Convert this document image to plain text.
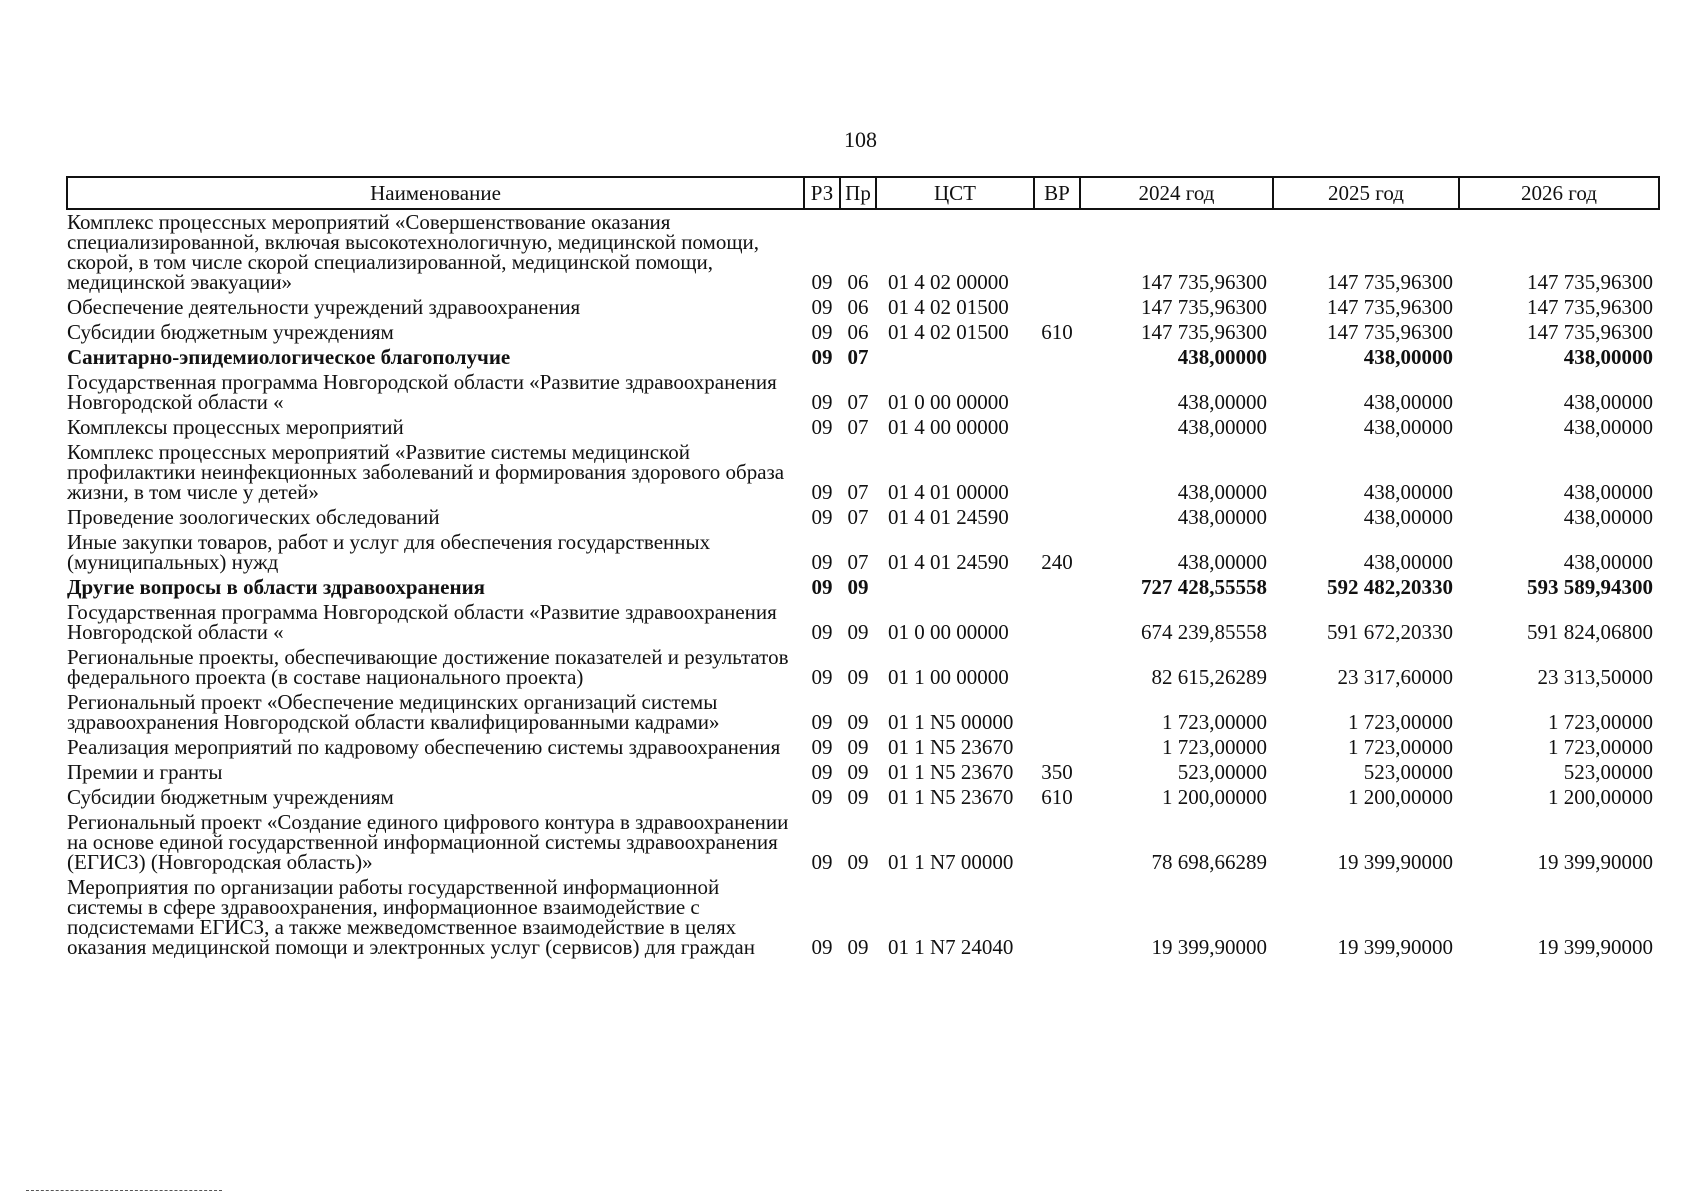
108
Наименование	РЗ	Пр	ЦСТ	ВР	2024 год	2025 год	2026 год
Комплекс процессных мероприятий «Совершенствование оказания специализированной, включая высокотехнологичную, медицинской помощи, скорой, в том числе скорой специализированной, медицинской помощи, медицинской эвакуации»	09	06	01 4 02 00000		147 735,96300	147 735,96300	147 735,96300
Обеспечение деятельности учреждений здравоохранения	09	06	01 4 02 01500		147 735,96300	147 735,96300	147 735,96300
Субсидии бюджетным учреждениям	09	06	01 4 02 01500	610	147 735,96300	147 735,96300	147 735,96300
Санитарно-эпидемиологическое благополучие	09	07			438,00000	438,00000	438,00000
Государственная программа Новгородской области «Развитие здравоохранения Новгородской области «	09	07	01 0 00 00000		438,00000	438,00000	438,00000
Комплексы процессных мероприятий	09	07	01 4 00 00000		438,00000	438,00000	438,00000
Комплекс процессных мероприятий «Развитие системы медицинской профилактики неинфекционных заболеваний и формирования здорового образа жизни, в том числе у детей»	09	07	01 4 01 00000		438,00000	438,00000	438,00000
Проведение зоологических обследований	09	07	01 4 01 24590		438,00000	438,00000	438,00000
Иные закупки товаров, работ и услуг для обеспечения государственных (муниципальных) нужд	09	07	01 4 01 24590	240	438,00000	438,00000	438,00000
Другие вопросы в области здравоохранения	09	09			727 428,55558	592 482,20330	593 589,94300
Государственная программа Новгородской области «Развитие здравоохранения Новгородской области «	09	09	01 0 00 00000		674 239,85558	591 672,20330	591 824,06800
Региональные проекты, обеспечивающие достижение показателей и результатов федерального проекта (в составе национального проекта)	09	09	01 1 00 00000		82 615,26289	23 317,60000	23 313,50000
Региональный проект «Обеспечение медицинских организаций системы здравоохранения Новгородской области квалифицированными кадрами»	09	09	01 1 N5 00000		1 723,00000	1 723,00000	1 723,00000
Реализация мероприятий по кадровому обеспечению системы здравоохранения	09	09	01 1 N5 23670		1 723,00000	1 723,00000	1 723,00000
Премии и гранты	09	09	01 1 N5 23670	350	523,00000	523,00000	523,00000
Субсидии бюджетным учреждениям	09	09	01 1 N5 23670	610	1 200,00000	1 200,00000	1 200,00000
Региональный проект «Создание единого цифрового контура в здравоохранении на основе единой государственной информационной системы здравоохранения (ЕГИСЗ) (Новгородская область)»	09	09	01 1 N7 00000		78 698,66289	19 399,90000	19 399,90000
Мероприятия по организации работы государственной информационной системы в сфере здравоохранения, информационное взаимодействие с подсистемами ЕГИСЗ, а также межведомственное взаимодействие в целях оказания медицинской помощи и электронных услуг (сервисов) для граждан	09	09	01 1 N7 24040		19 399,90000	19 399,90000	19 399,90000
